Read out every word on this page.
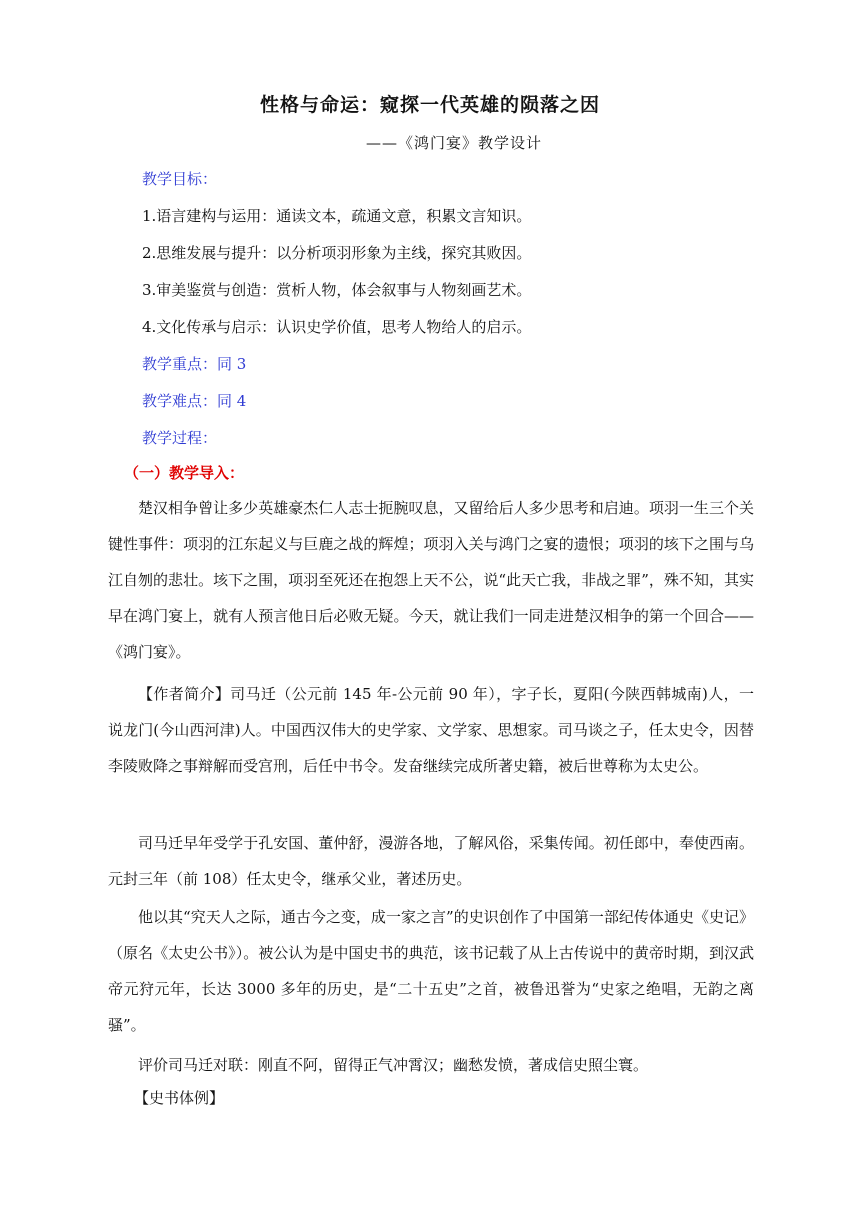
性格与命运：窥探一代英雄的陨落之因
——《鸿门宴》教学设计
教学目标：
1.语言建构与运用：通读文本，疏通文意，积累文言知识。
2.思维发展与提升：以分析项羽形象为主线，探究其败因。
3.审美鉴赏与创造：赏析人物，体会叙事与人物刻画艺术。
4.文化传承与启示：认识史学价值，思考人物给人的启示。
教学重点：同 3
教学难点：同 4
教学过程：
（一）教学导入：

楚汉相争曾让多少英雄豪杰仁人志士扼腕叹息，又留给后人多少思考和启迪。项羽一生三个关键性事件：项羽的江东起义与巨鹿之战的辉煌；项羽入关与鸿门之宴的遗恨；项羽的垓下之围与乌江自刎的悲壮。垓下之围，项羽至死还在抱怨上天不公，说“此天亡我，非战之罪”，殊不知，其实早在鸿门宴上，就有人预言他日后必败无疑。今天，就让我们一同走进楚汉相争的第一个回合——《鸿门宴》。

【作者简介】司马迁（公元前 145 年-公元前 90 年），字子长，夏阳(今陕西韩城南)人，一说龙门(今山西河津)人。中国西汉伟大的史学家、文学家、思想家。司马谈之子，任太史令，因替李陵败降之事辩解而受宫刑，后任中书令。发奋继续完成所著史籍，被后世尊称为太史公。

司马迁早年受学于孔安国、董仲舒，漫游各地，了解风俗，采集传闻。初任郎中，奉使西南。元封三年（前 108）任太史令，继承父业，著述历史。

他以其“究天人之际，通古今之变，成一家之言”的史识创作了中国第一部纪传体通史《史记》（原名《太史公书》）。被公认为是中国史书的典范，该书记载了从上古传说中的黄帝时期，到汉武帝元狩元年，长达 3000 多年的历史，是“二十五史”之首，被鲁迅誉为“史家之绝唱，无韵之离骚”。

评价司马迁对联：刚直不阿，留得正气冲霄汉；幽愁发愤，著成信史照尘寰。

【史书体例】
